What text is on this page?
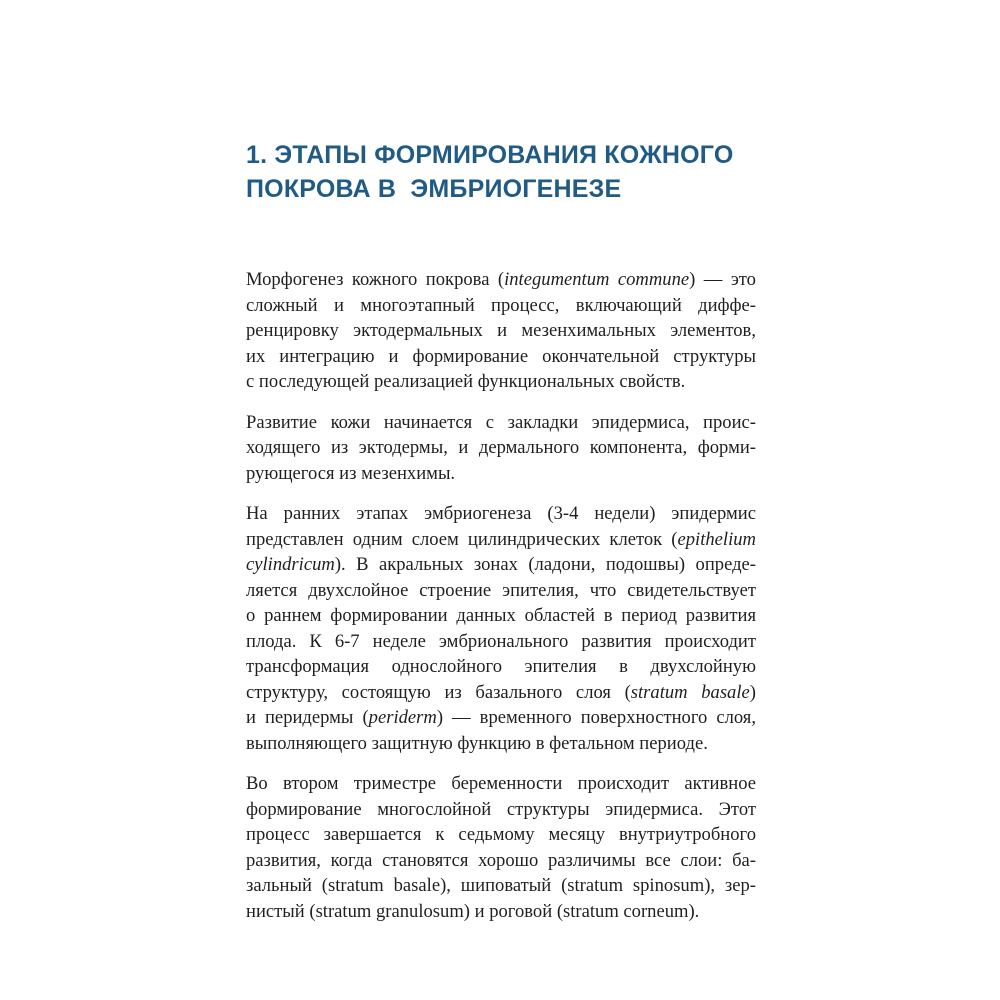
1. ЭТАПЫ ФОРМИРОВАНИЯ КОЖНОГО
ПОКРОВА В  ЭМБРИОГЕНЕЗЕ

Морфогенез кожного покрова (integumentum commune) — это
сложный и многоэтапный процесс, включающий диффе-
ренцировку эктодермальных и мезенхимальных элементов,
их интеграцию и формирование окончательной структуры
с последующей реализацией функциональных свойств.

Развитие кожи начинается с закладки эпидермиса, проис-
ходящего из эктодермы, и дермального компонента, форми-
рующегося из мезенхимы.

На ранних этапах эмбриогенеза (3-4 недели) эпидермис
представлен одним слоем цилиндрических клеток (epithelium
cylindricum). В акральных зонах (ладони, подошвы) опреде-
ляется двухслойное строение эпителия, что свидетельствует
о раннем формировании данных областей в период развития
плода. К 6-7 неделе эмбрионального развития происходит
трансформация однослойного эпителия в двухслойную
структуру, состоящую из базального слоя (stratum basale)
и перидермы (periderm) — временного поверхностного слоя,
выполняющего защитную функцию в фетальном периоде.

Во втором триместре беременности происходит активное
формирование многослойной структуры эпидермиса. Этот
процесс завершается к седьмому месяцу внутриутробного
развития, когда становятся хорошо различимы все слои: ба-
зальный (stratum basale), шиповатый (stratum spinosum), зер-
нистый (stratum granulosum) и роговой (stratum corneum).
